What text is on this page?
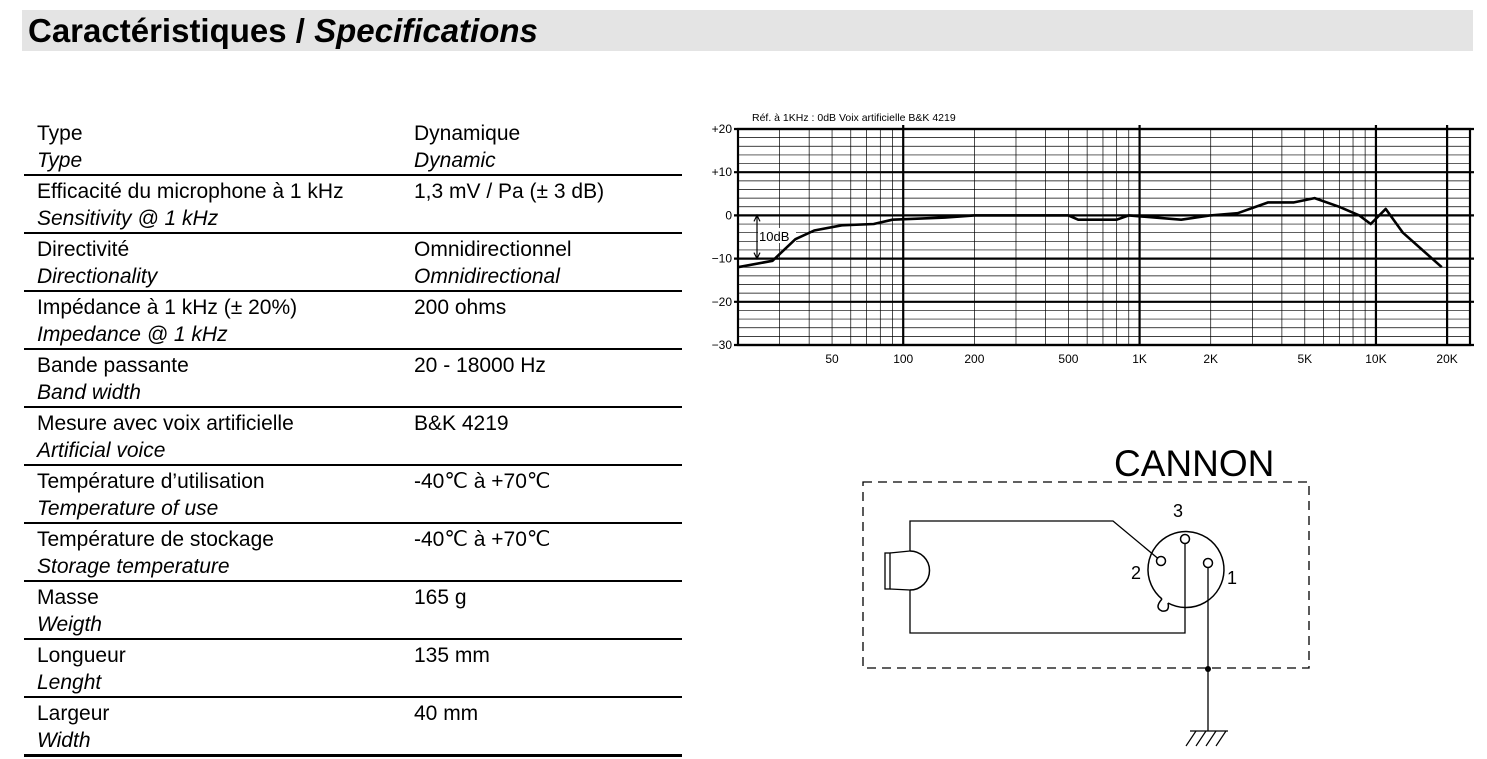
Caractéristiques / Specifications
Type
Type	Dynamique
Dynamic

Efficacité du microphone à 1 kHz
Sensitivity @ 1 kHz	1,3 mV / Pa (± 3 dB)

Directivité
Directionality	Omnidirectionnel
Omnidirectional

Impédance à 1 kHz (± 20%)
Impedance @ 1 kHz	200 ohms

Bande passante
Band width	20 - 18000 Hz

Mesure avec voix artificielle
Artificial voice	B&K 4219

Température d’utilisation
Temperature of use	-40℃ à +70℃

Température de stockage
Storage temperature	-40℃ à +70℃

Masse
Weigth	165 g

Longueur
Lenght	135 mm

Largeur
Width	40 mm
+20
+10
0
−10
−20
−30
50	100	200	500	1K	2K	5K	10K	20K
Réf. à 1KHz : 0dB Voix artificielle B&K 4219
10dB
CANNON
3
2	1
